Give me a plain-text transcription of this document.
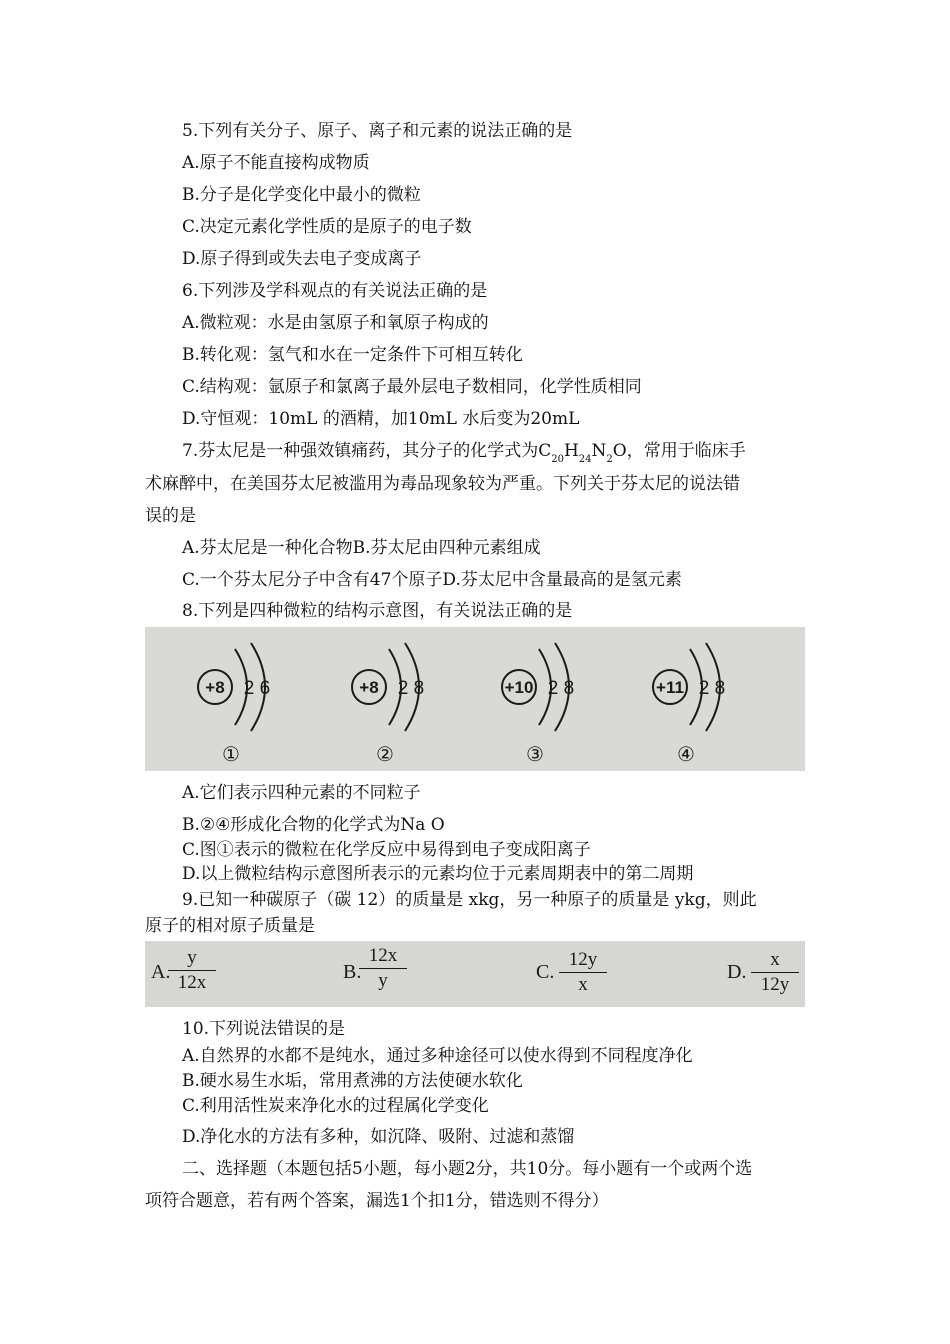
5.下列有关分子、原子、离子和元素的说法正确的是
A.原子不能直接构成物质
B.分子是化学变化中最小的微粒
C.决定元素化学性质的是原子的电子数
D.原子得到或失去电子变成离子
6.下列涉及学科观点的有关说法正确的是
A.微粒观：水是由氢原子和氧原子构成的
B.转化观：氢气和水在一定条件下可相互转化
C.结构观：氩原子和氯离子最外层电子数相同，化学性质相同
D.守恒观：10mL 的酒精，加10mL 水后变为20mL
7.芬太尼是一种强效镇痛药，其分子的化学式为$C_{20}H_{24}N_2O$，常用于临床手
术麻醉中，在美国芬太尼被滥用为毒品现象较为严重。下列关于芬太尼的说法错
误的是
A.芬太尼是一种化合物B.芬太尼由四种元素组成
C.一个芬太尼分子中含有47个原子D.芬太尼中含量最高的是氢元素
8.下列是四种微粒的结构示意图，有关说法正确的是
+8 2 6
①
+8 2 8
②
+10 2 8
③
+11 2 8
④
A.它们表示四种元素的不同粒子
B.②④形成化合物的化学式为Na O
C.图①表示的微粒在化学反应中易得到电子变成阳离子
D.以上微粒结构示意图所表示的元素均位于元素周期表中的第二周期
9.已知一种碳原子（碳 12）的质量是 xkg，另一种原子的质量是 ykg，则此
原子的相对原子质量是
A.
y
12x	B.
12x
y	C.
12y
x
D.
x
12y
10.下列说法错误的是
A.自然界的水都不是纯水，通过多种途径可以使水得到不同程度净化
B.硬水易生水垢，常用煮沸的方法使硬水软化
C.利用活性炭来净化水的过程属化学变化
D.净化水的方法有多种，如沉降、吸附、过滤和蒸馏
二、选择题（本题包括5小题，每小题2分，共10分。每小题有一个或两个选
项符合题意，若有两个答案，漏选1个扣1分，错选则不得分）
